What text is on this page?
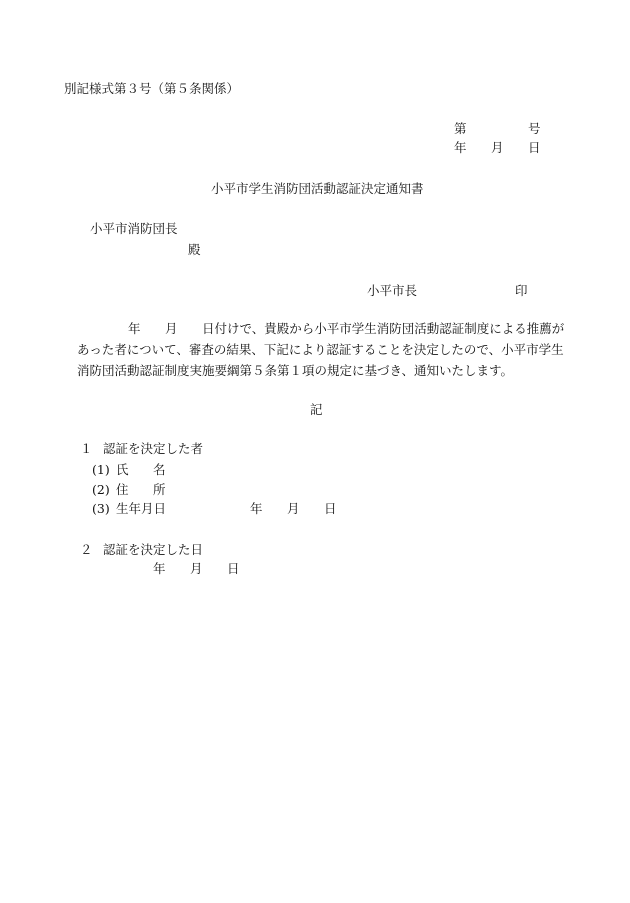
別記様式第３号（第５条関係）
第	号
年 月 日
小平市学生消防団活動認証決定通知書
小平市消防団長
殿
小平市長	印
年 月 日付けで、貴殿から小平市学生消防団活動認証制度による推薦が
あった者について、審査の結果、下記により認証することを決定したので、小平市学生
消防団活動認証制度実施要綱第５条第１項の規定に基づき、通知いたします。
記
１ 認証を決定した者
(1) 氏 名
(2) 住 所
(3) 生年月日	年 月 日
２ 認証を決定した日
年 月 日
